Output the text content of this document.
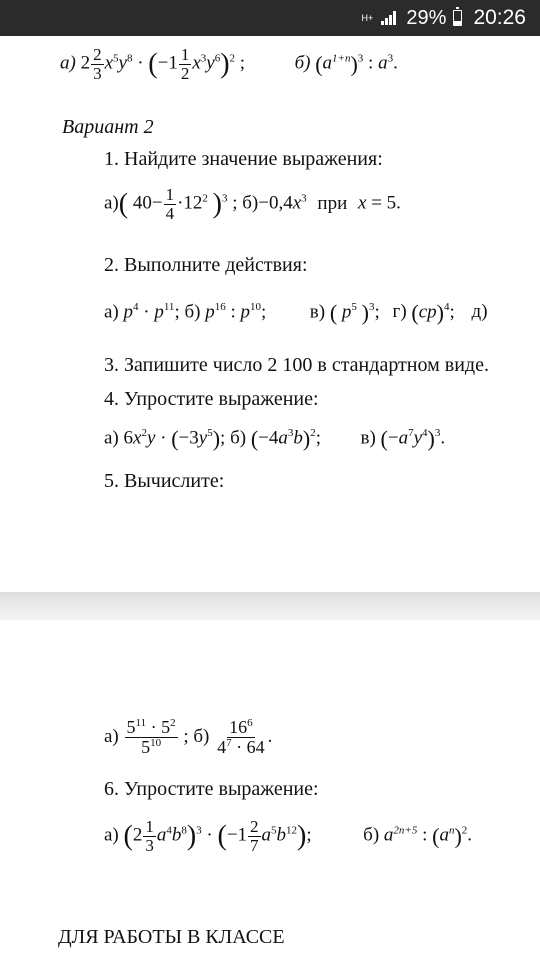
H+ 29% 20:26
а) $2 \frac{2}{3} x^5y^8 \cdot (-1 \frac{1}{2} x^3y^6)^2$ ;  б) $(a^{1+n})^3$ : $a^3$.
Вариант 2
1. Найдите значение выражения:
а)( $40- \frac{1}{4} \cdot 12^2$ )$^3$ ; $б)-0,4x^3$ при x = 5.
2. Выполните действия:
а) $p^4 \cdot p^{11}$; б) $p^{16}$ : $p^{10}$;  в) ( $p^5$ )$^3$; г) (cp)$^4$; д)
3. Запишите число 2 100 в стандартном виде.
4. Упростите выражение:
а) $6x^2y \cdot (-3y^5)$; б) $(-4a^3b)^2$;  в) $(-a^7y^4)^3$.
5. Вычислите:
$а) \frac{5^{11} \cdot 5^2}{5^{10}}$ ; $б) \frac{16^6}{4^7 \cdot 64}$ .
6. Упростите выражение:
а) $(2 \frac{1}{3} a^4b^8)^3 \cdot (-1 \frac{2}{7} a^5b^{12})$;  б) $a^{2n+5}$ : $(a^n)^2$.
ДЛЯ РАБОТЫ В КЛАССЕ
